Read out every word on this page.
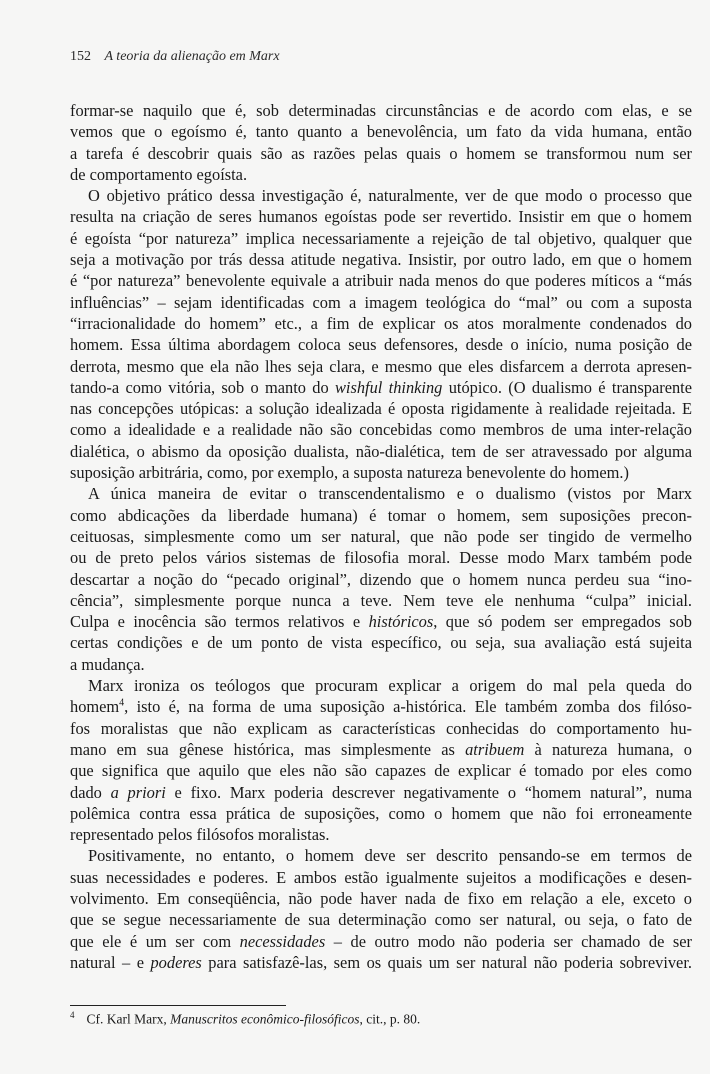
152 A teoria da alienação em Marx
formar-se naquilo que é, sob determinadas circunstâncias e de acordo com elas, e se
vemos que o egoísmo é, tanto quanto a benevolência, um fato da vida humana, então
a tarefa é descobrir quais são as razões pelas quais o homem se transformou num ser
de comportamento egoísta.
O objetivo prático dessa investigação é, naturalmente, ver de que modo o processo que
resulta na criação de seres humanos egoístas pode ser revertido. Insistir em que o homem
é egoísta “por natureza” implica necessariamente a rejeição de tal objetivo, qualquer que
seja a motivação por trás dessa atitude negativa. Insistir, por outro lado, em que o homem
é “por natureza” benevolente equivale a atribuir nada menos do que poderes míticos a “más
influências” – sejam identificadas com a imagem teológica do “mal” ou com a suposta
“irracionalidade do homem” etc., a fim de explicar os atos moralmente condenados do
homem. Essa última abordagem coloca seus defensores, desde o início, numa posição de
derrota, mesmo que ela não lhes seja clara, e mesmo que eles disfarcem a derrota apresen-
tando-a como vitória, sob o manto do wishful thinking utópico. (O dualismo é transparente
nas concepções utópicas: a solução idealizada é oposta rigidamente à realidade rejeitada. E
como a idealidade e a realidade não são concebidas como membros de uma inter-relação
dialética, o abismo da oposição dualista, não-dialética, tem de ser atravessado por alguma
suposição arbitrária, como, por exemplo, a suposta natureza benevolente do homem.)
A única maneira de evitar o transcendentalismo e o dualismo (vistos por Marx
como abdicações da liberdade humana) é tomar o homem, sem suposições precon-
ceituosas, simplesmente como um ser natural, que não pode ser tingido de vermelho
ou de preto pelos vários sistemas de filosofia moral. Desse modo Marx também pode
descartar a noção do “pecado original”, dizendo que o homem nunca perdeu sua “ino-
cência”, simplesmente porque nunca a teve. Nem teve ele nenhuma “culpa” inicial.
Culpa e inocência são termos relativos e históricos, que só podem ser empregados sob
certas condições e de um ponto de vista específico, ou seja, sua avaliação está sujeita
a mudança.
Marx ironiza os teólogos que procuram explicar a origem do mal pela queda do
homem$^4$, isto é, na forma de uma suposição a-histórica. Ele também zomba dos filóso-
fos moralistas que não explicam as características conhecidas do comportamento hu-
mano em sua gênese histórica, mas simplesmente as atribuem à natureza humana, o
que significa que aquilo que eles não são capazes de explicar é tomado por eles como
dado a priori e fixo. Marx poderia descrever negativamente o “homem natural”, numa
polêmica contra essa prática de suposições, como o homem que não foi erroneamente
representado pelos filósofos moralistas.
Positivamente, no entanto, o homem deve ser descrito pensando-se em termos de
suas necessidades e poderes. E ambos estão igualmente sujeitos a modificações e desen-
volvimento. Em conseqüência, não pode haver nada de fixo em relação a ele, exceto o
que se segue necessariamente de sua determinação como ser natural, ou seja, o fato de
que ele é um ser com necessidades – de outro modo não poderia ser chamado de ser
natural – e poderes para satisfazê-las, sem os quais um ser natural não poderia sobreviver.
$^4$ Cf. Karl Marx, Manuscritos econômico-filosóficos, cit., p. 80.
